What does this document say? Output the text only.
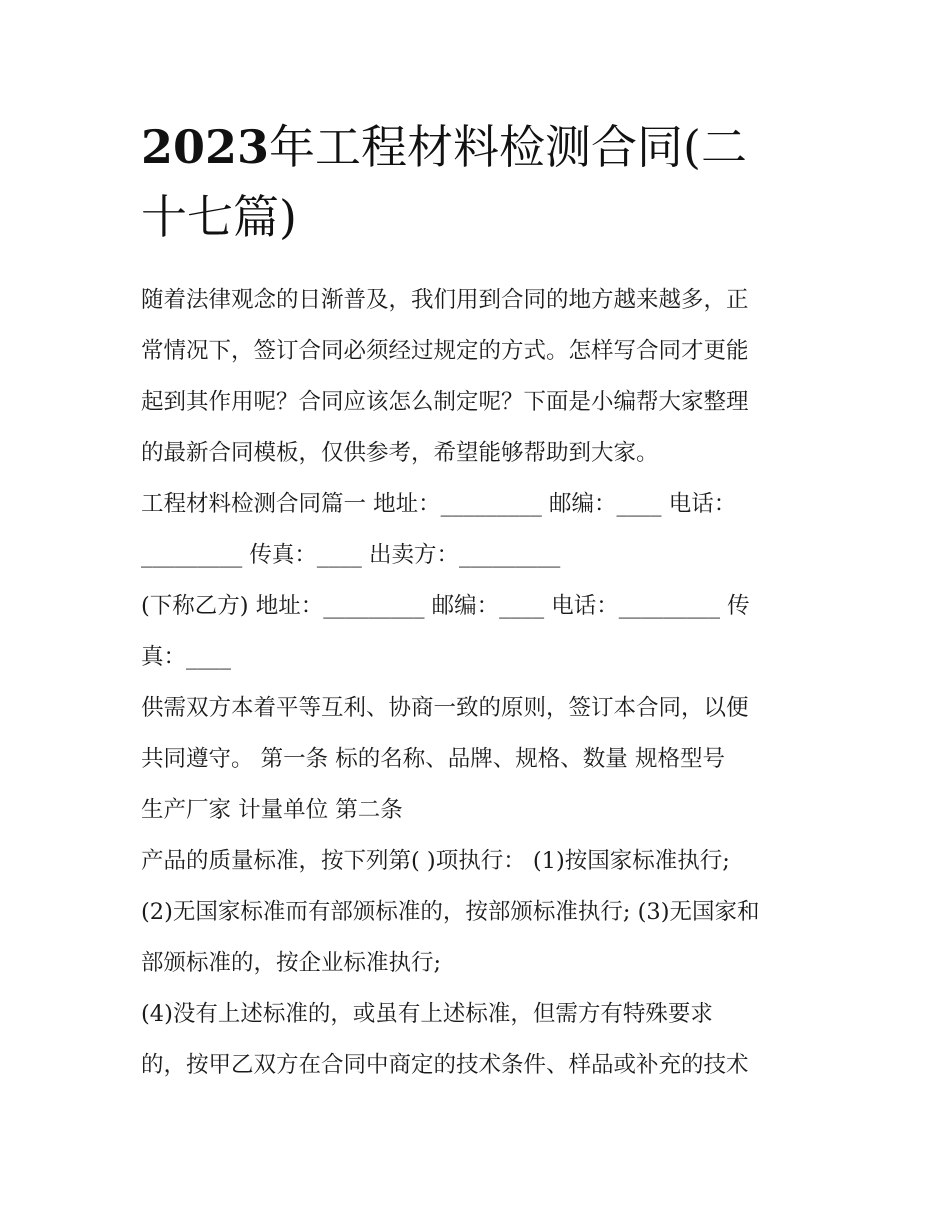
2023年工程材料检测合同(二
十七篇)
随着法律观念的日渐普及，我们用到合同的地方越来越多，正
常情况下，签订合同必须经过规定的方式。怎样写合同才更能
起到其作用呢？合同应该怎么制定呢？下面是小编帮大家整理
的最新合同模板，仅供参考，希望能够帮助到大家。
工程材料检测合同篇一 地址：_________ 邮编：____ 电话：
_________ 传真：____ 出卖方：_________
(下称乙方) 地址：_________ 邮编：____ 电话：_________ 传
真：____
供需双方本着平等互利、协商一致的原则，签订本合同，以便
共同遵守。 第一条 标的名称、品牌、规格、数量 规格型号
生产厂家 计量单位 第二条
产品的质量标准，按下列第( )项执行： (1)按国家标准执行;
(2)无国家标准而有部颁标准的，按部颁标准执行; (3)无国家和
部颁标准的，按企业标准执行;
(4)没有上述标准的，或虽有上述标准，但需方有特殊要求
的，按甲乙双方在合同中商定的技术条件、样品或补充的技术
